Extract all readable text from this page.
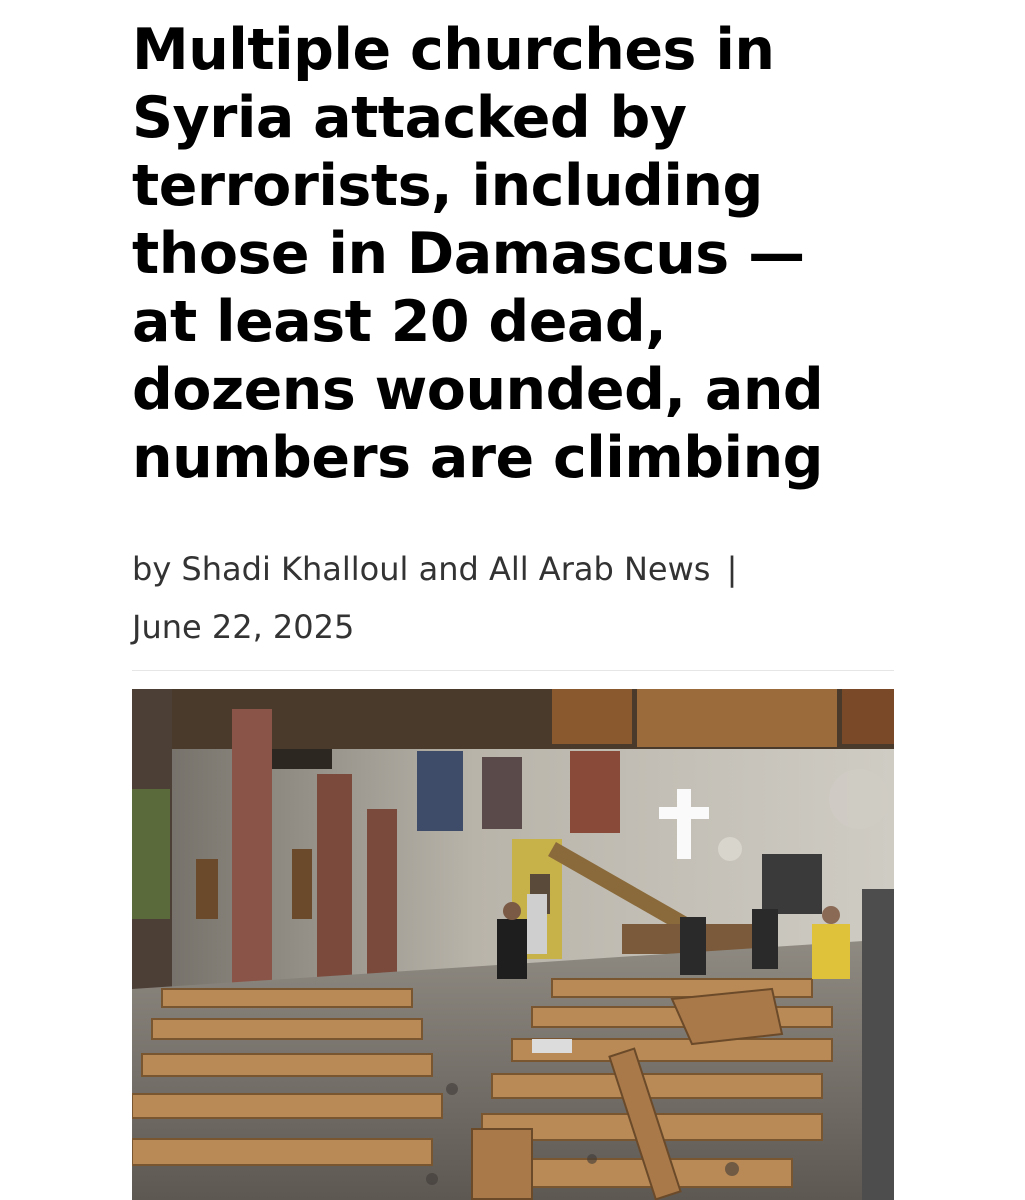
Multiple churches in
Syria attacked by
terrorists, including
those in Damascus —
at least 20 dead,
dozens wounded, and
numbers are climbing
by Shadi Khalloul and All Arab News |
June 22, 2025
